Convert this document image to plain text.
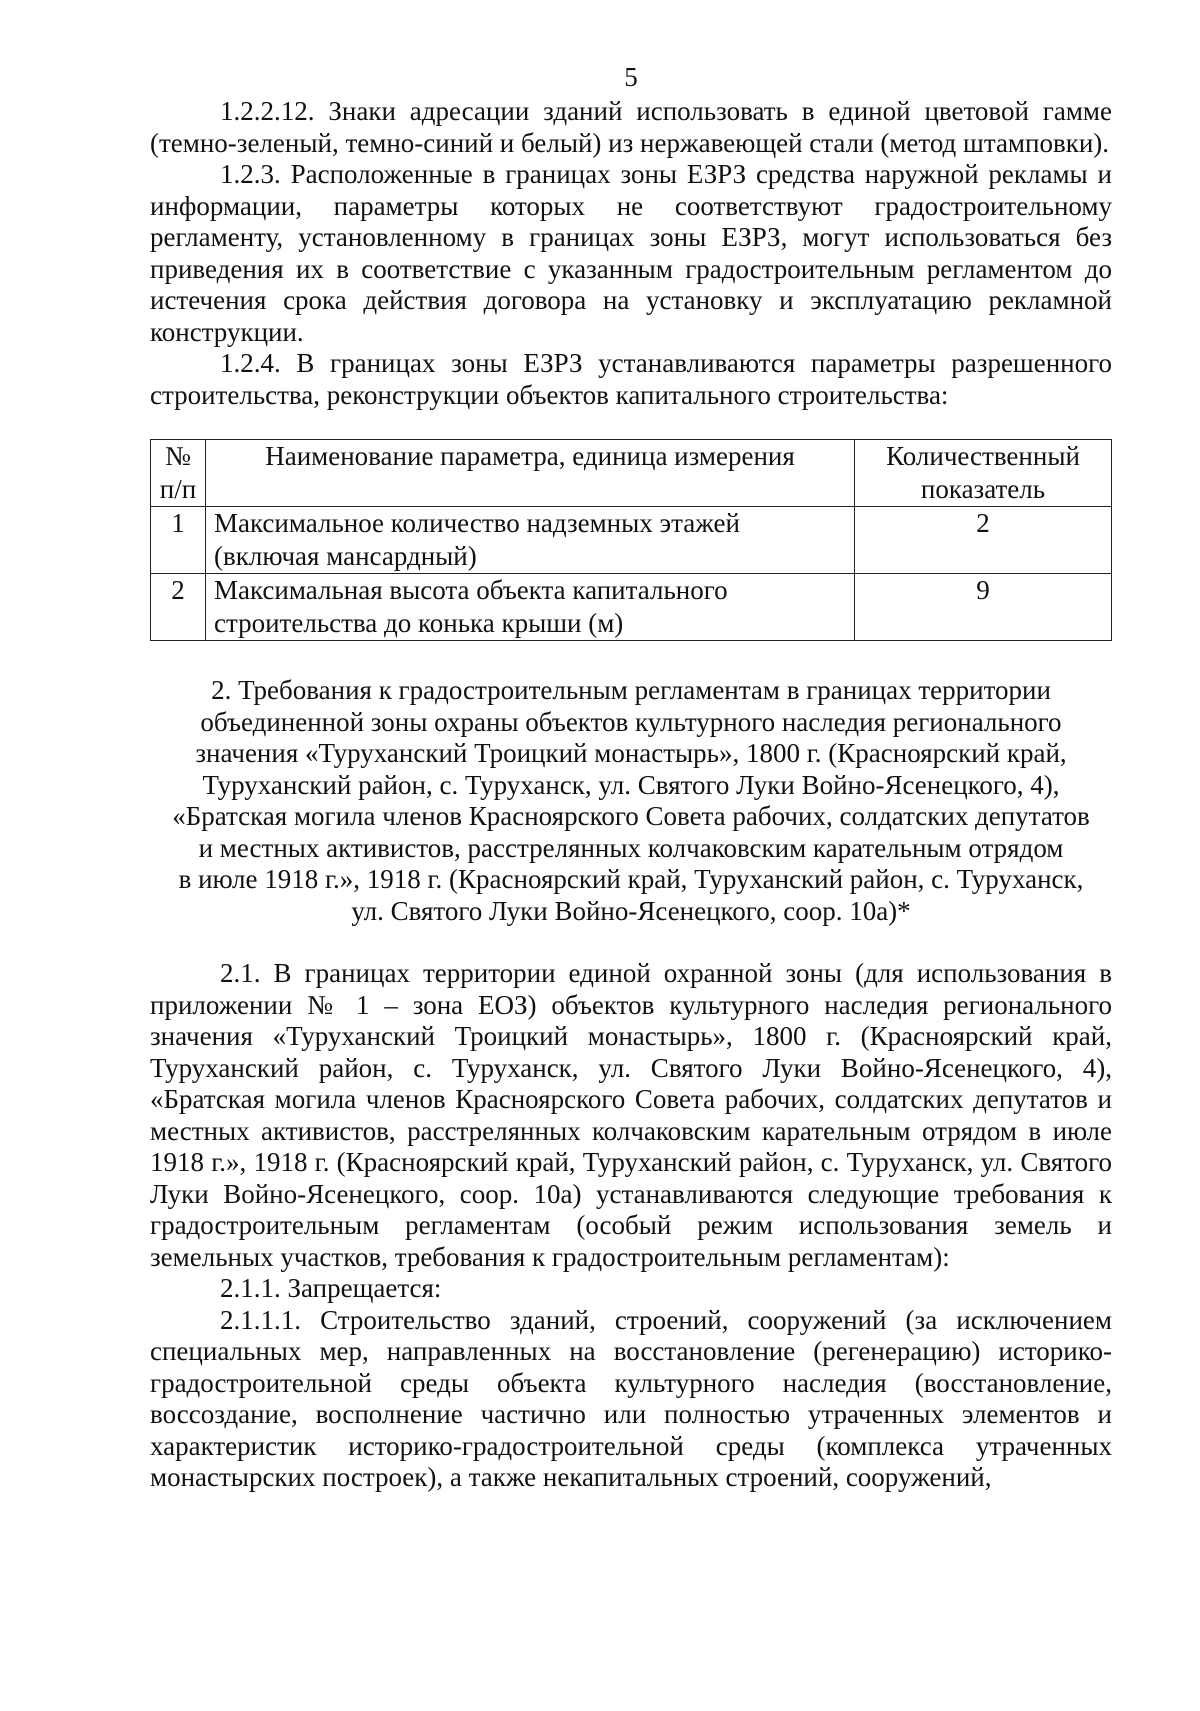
5

1.2.2.12. Знаки адресации зданий использовать в единой цветовой гамме (темно-зеленый, темно-синий и белый) из нержавеющей стали (метод штамповки).

1.2.3. Расположенные в границах зоны ЕЗРЗ средства наружной рекламы и информации, параметры которых не соответствуют градостроительному регламенту, установленному в границах зоны ЕЗРЗ, могут использоваться без приведения их в соответствие с указанным градостроительным регламентом до истечения срока действия договора на установку и эксплуатацию рекламной конструкции.

1.2.4. В границах зоны ЕЗРЗ устанавливаются параметры разрешенного строительства, реконструкции объектов капитального строительства:

№ п/п	Наименование параметра, единица измерения	Количественный показатель
1	Максимальное количество надземных этажей (включая мансардный)	2
2	Максимальная высота объекта капитального строительства до конька крыши (м)	9

2. Требования к градостроительным регламентам в границах территории
объединенной зоны охраны объектов культурного наследия регионального
значения «Туруханский Троицкий монастырь», 1800 г. (Красноярский край,
Туруханский район, с. Туруханск, ул. Святого Луки Войно-Ясенецкого, 4),
«Братская могила членов Красноярского Совета рабочих, солдатских депутатов
и местных активистов, расстрелянных колчаковским карательным отрядом
в июле 1918 г.», 1918 г. (Красноярский край, Туруханский район, с. Туруханск,
ул. Святого Луки Войно-Ясенецкого, соор. 10а)*

2.1. В границах территории единой охранной зоны (для использования в приложении № 1 – зона ЕОЗ) объектов культурного наследия регионального значения «Туруханский Троицкий монастырь», 1800 г. (Красноярский край, Туруханский район, с. Туруханск, ул. Святого Луки Войно-Ясенецкого, 4), «Братская могила членов Красноярского Совета рабочих, солдатских депутатов и местных активистов, расстрелянных колчаковским карательным отрядом в июле 1918 г.», 1918 г. (Красноярский край, Туруханский район, с. Туруханск, ул. Святого Луки Войно-Ясенецкого, соор. 10а) устанавливаются следующие требования к градостроительным регламентам (особый режим использования земель и земельных участков, требования к градостроительным регламентам):

2.1.1. Запрещается:

2.1.1.1. Строительство зданий, строений, сооружений (за исключением специальных мер, направленных на восстановление (регенерацию) историко-градостроительной среды объекта культурного наследия (восстановление, воссоздание, восполнение частично или полностью утраченных элементов и характеристик историко-градостроительной среды (комплекса утраченных монастырских построек), а также некапитальных строений, сооружений,
